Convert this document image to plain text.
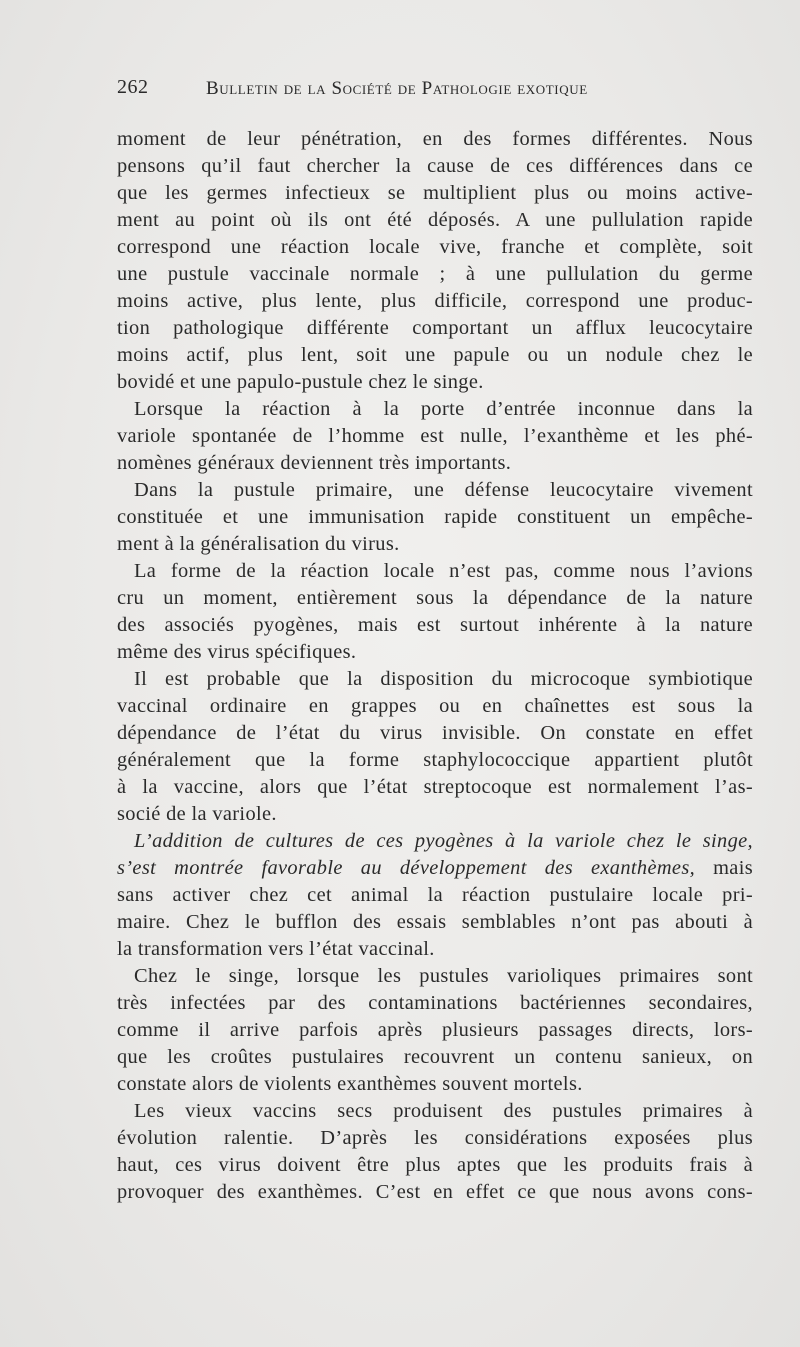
262	Bulletin de la Société de Pathologie exotique
moment de leur pénétration, en des formes différentes. Nous
pensons qu’il faut chercher la cause de ces différences dans ce
que les germes infectieux se multiplient plus ou moins active-
ment au point où ils ont été déposés. A une pullulation rapide
correspond une réaction locale vive, franche et complète, soit
une pustule vaccinale normale ; à une pullulation du germe
moins active, plus lente, plus difficile, correspond une produc-
tion pathologique différente comportant un afflux leucocytaire
moins actif, plus lent, soit une papule ou un nodule chez le
bovidé et une papulo-pustule chez le singe.
Lorsque la réaction à la porte d’entrée inconnue dans la
variole spontanée de l’homme est nulle, l’exanthème et les phé-
nomènes généraux deviennent très importants.
Dans la pustule primaire, une défense leucocytaire vivement
constituée et une immunisation rapide constituent un empêche-
ment à la généralisation du virus.
La forme de la réaction locale n’est pas, comme nous l’avions
cru un moment, entièrement sous la dépendance de la nature
des associés pyogènes, mais est surtout inhérente à la nature
même des virus spécifiques.
Il est probable que la disposition du microcoque symbiotique
vaccinal ordinaire en grappes ou en chaînettes est sous la
dépendance de l’état du virus invisible. On constate en effet
généralement que la forme staphylococcique appartient plutôt
à la vaccine, alors que l’état streptocoque est normalement l’as-
socié de la variole.
L’addition de cultures de ces pyogènes à la variole chez le singe,
s’est montrée favorable au développement des exanthèmes, mais
sans activer chez cet animal la réaction pustulaire locale pri-
maire. Chez le bufflon des essais semblables n’ont pas abouti à
la transformation vers l’état vaccinal.
Chez le singe, lorsque les pustules varioliques primaires sont
très infectées par des contaminations bactériennes secondaires,
comme il arrive parfois après plusieurs passages directs, lors-
que les croûtes pustulaires recouvrent un contenu sanieux, on
constate alors de violents exanthèmes souvent mortels.
Les vieux vaccins secs produisent des pustules primaires à
évolution ralentie. D’après les considérations exposées plus
haut, ces virus doivent être plus aptes que les produits frais à
provoquer des exanthèmes. C’est en effet ce que nous avons cons-
